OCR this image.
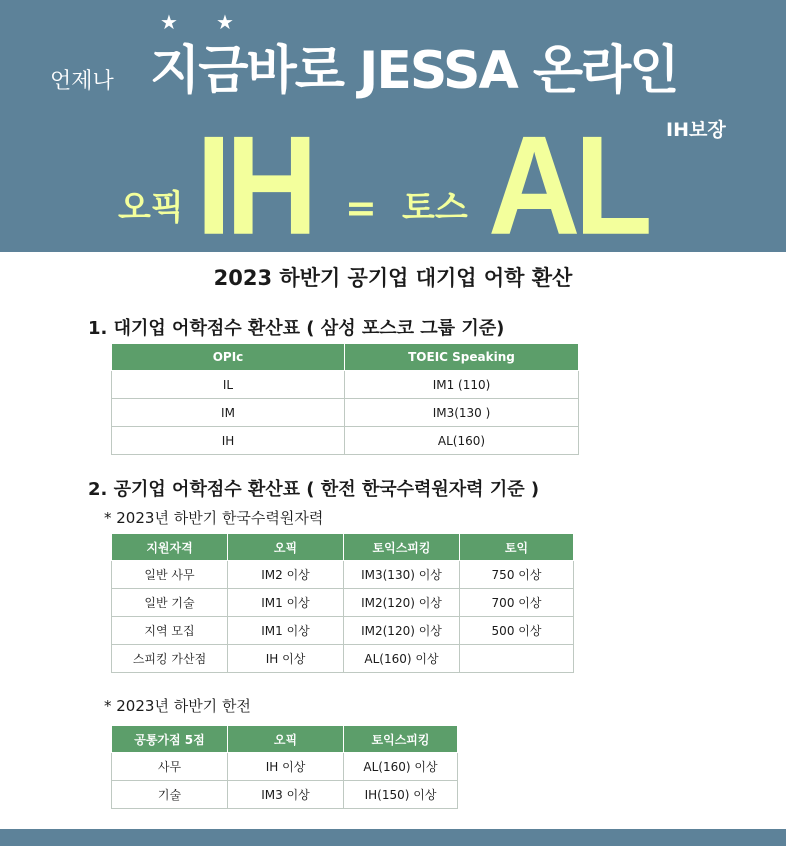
★ ★
언제나 지금바로 JESSA 온라인
IH보장
오픽 IH = 토스 AL
2023 하반기 공기업 대기업 어학 환산
1. 대기업 어학점수 환산표 ( 삼성 포스코 그룹 기준)
OPIc	TOEIC Speaking
IL	IM1 (110)
IM	IM3(130 )
IH	AL(160)
2. 공기업 어학점수 환산표 ( 한전 한국수력원자력 기준 )
* 2023년 하반기 한국수력원자력
지원자격	오픽	토익스피킹	토익
일반 사무	IM2 이상	IM3(130) 이상	750 이상
일반 기술	IM1 이상	IM2(120) 이상	700 이상
지역 모집	IM1 이상	IM2(120) 이상	500 이상
스피킹 가산점	IH 이상	AL(160) 이상	
* 2023년 하반기 한전
공통가점 5점	오픽	토익스피킹
사무	IH 이상	AL(160) 이상
기술	IM3 이상	IH(150) 이상
